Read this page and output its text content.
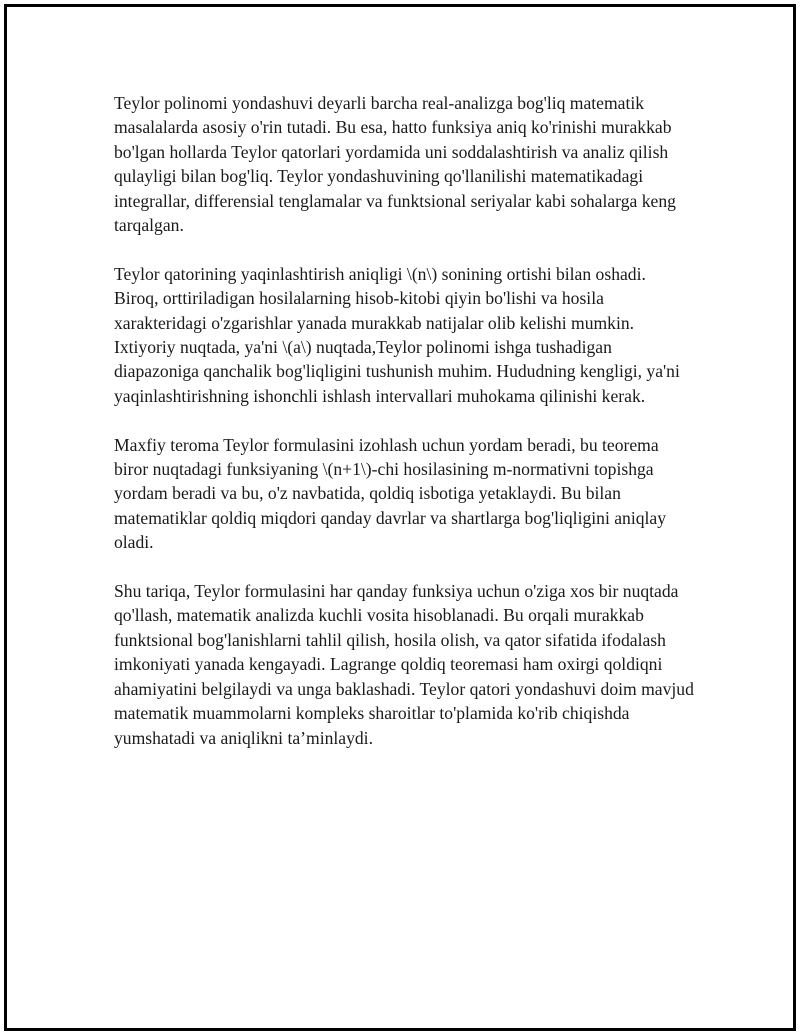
Teylor polinomi yondashuvi deyarli barcha real-analizga bog'liq matematik masalalarda asosiy o'rin tutadi. Bu esa, hatto funksiya aniq ko'rinishi murakkab bo'lgan hollarda Teylor qatorlari yordamida uni soddalashtirish va analiz qilish qulayligi bilan bog'liq. Teylor yondashuvining qo'llanilishi matematikadagi integrallar, differensial tenglamalar va funktsional seriyalar kabi sohalarga keng tarqalgan.

Teylor qatorining yaqinlashtirish aniqligi \(n\) sonining ortishi bilan oshadi. Biroq, orttiriladigan hosilalarning hisob-kitobi qiyin bo'lishi va hosila xarakteridagi o'zgarishlar yanada murakkab natijalar olib kelishi mumkin. Ixtiyoriy nuqtada, ya'ni \(a\) nuqtada,Teylor polinomi ishga tushadigan diapazoniga qanchalik bog'liqligini tushunish muhim. Hududning kengligi, ya'ni yaqinlashtirishning ishonchli ishlash intervallari muhokama qilinishi kerak.

Maxfiy teroma Teylor formulasini izohlash uchun yordam beradi, bu teorema biror nuqtadagi funksiyaning \(n+1\)-chi hosilasining m-normativni topishga yordam beradi va bu, o'z navbatida, qoldiq isbotiga yetaklaydi. Bu bilan matematiklar qoldiq miqdori qanday davrlar va shartlarga bog'liqligini aniqlay oladi.

Shu tariqa, Teylor formulasini har qanday funksiya uchun o'ziga xos bir nuqtada qo'llash, matematik analizda kuchli vosita hisoblanadi. Bu orqali murakkab funktsional bog'lanishlarni tahlil qilish, hosila olish, va qator sifatida ifodalash imkoniyati yanada kengayadi. Lagrange qoldiq teoremasi ham oxirgi qoldiqni ahamiyatini belgilaydi va unga baklashadi. Teylor qatori yondashuvi doim mavjud matematik muammolarni kompleks sharoitlar to'plamida ko'rib chiqishda yumshatadi va aniqlikni ta’minlaydi.
